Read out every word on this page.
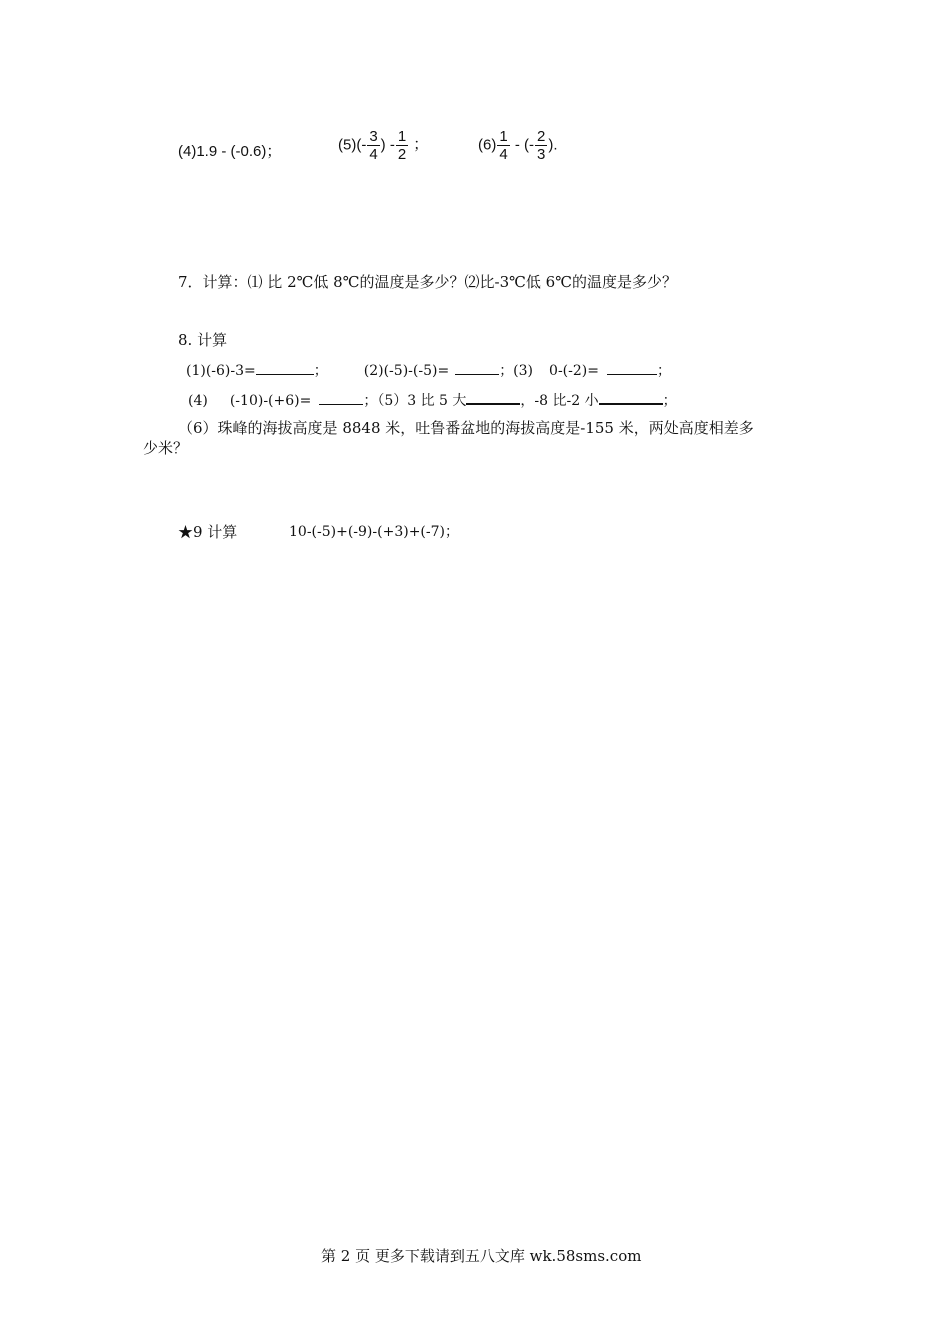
(4)1.9 - (-0.6)；	$(5)(- \frac{3}{4}$ ) - $\frac{1}{2}$ ；	$(6) \frac{1}{4}$ - (- $\frac{2}{3}$ ).
7．计算：⑴ 比 2℃低 8℃的温度是多少？⑵比-3℃低 6℃的温度是多少？
8. 计算
(1)(-6)-3=	；	(2)(-5)-(-5)=	；(3) 0-(-2)=	；
(4) (-10)-(+6)=	；（5）3 比 5 大	，-8 比-2 小	；
（6）珠峰的海拔高度是 8848 米，吐鲁番盆地的海拔高度是-155 米，两处高度相差多
少米？
★9 计算	10-(-5)+(-9)-(+3)+(-7)；
第 2 页 更多下载请到五八文库 wk.58sms.com
